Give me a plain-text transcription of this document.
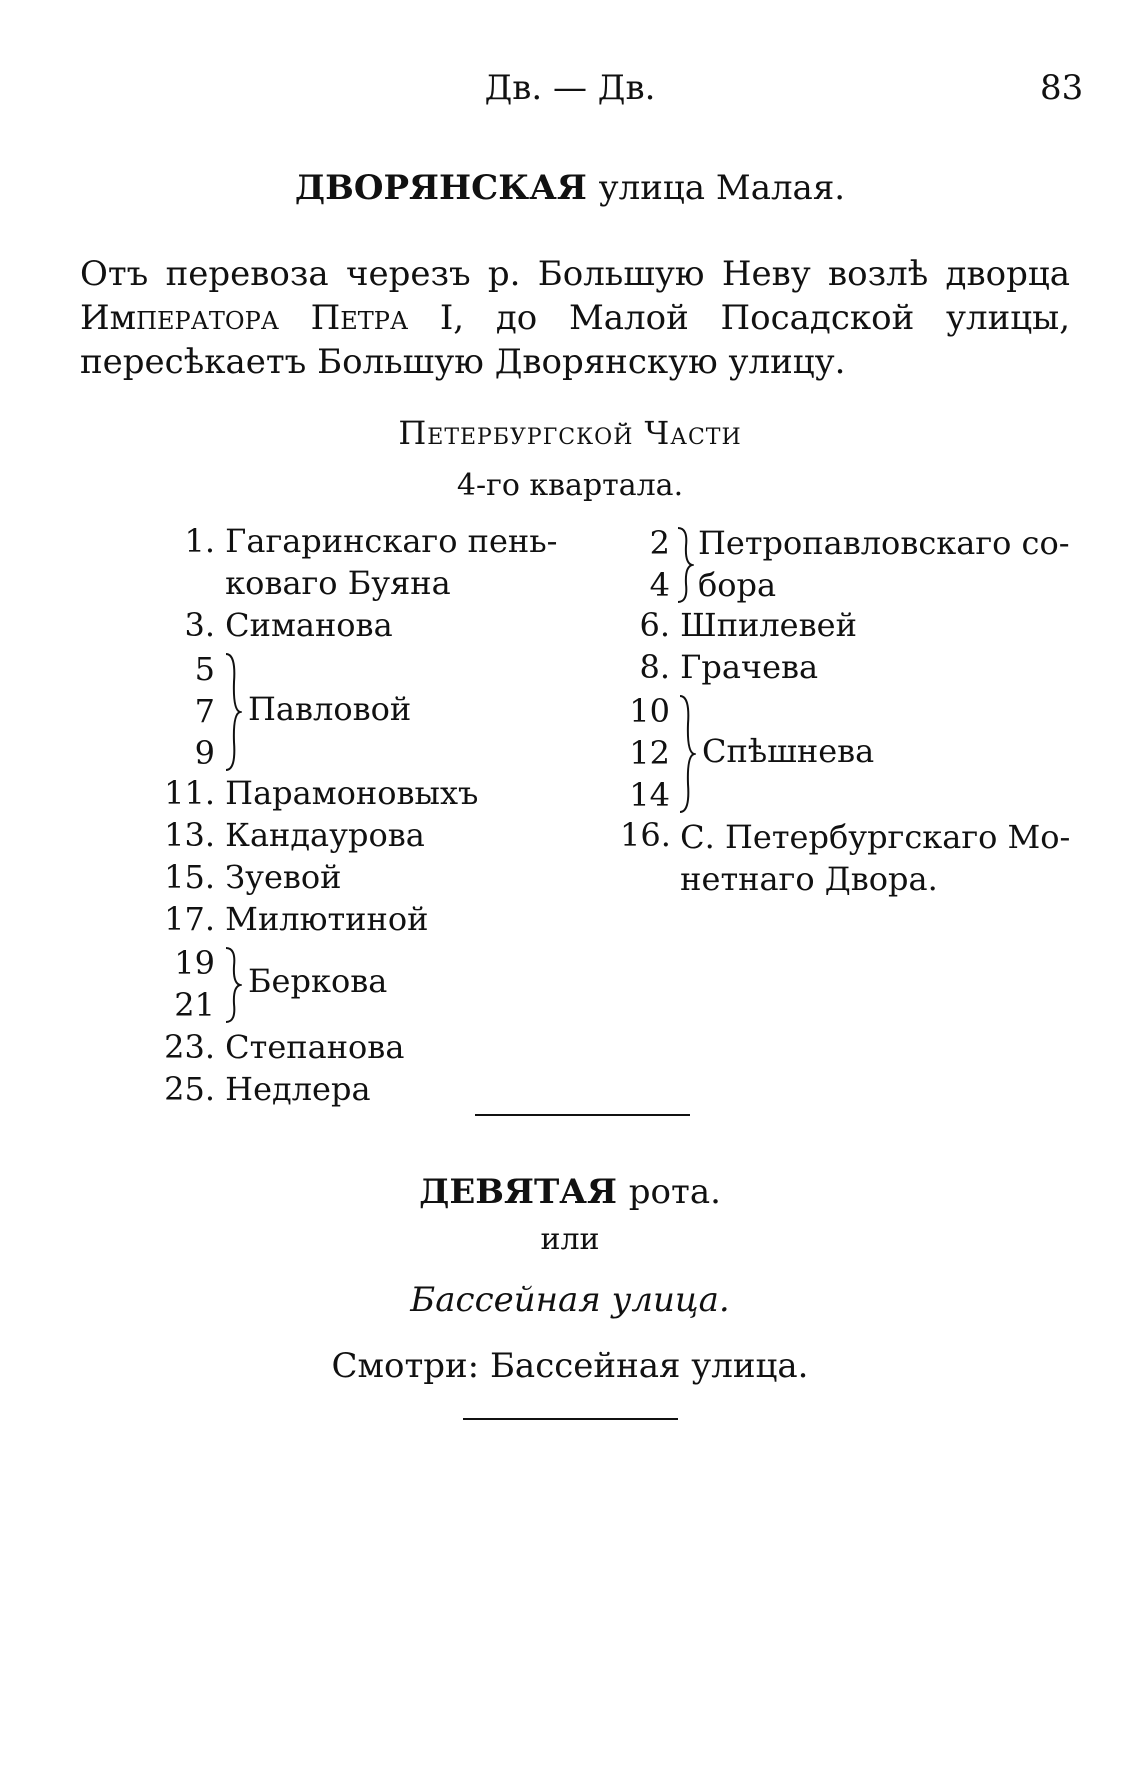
Дв. — Дв.	83
ДВОРЯНСКАЯ улица Малая.
Отъ перевоза черезъ р. Большую Неву возлѣ дворца Императора Петра I, до Малой Посадской улицы, пересѣкаетъ Большую Дворянскую улицу.
Петербургской Части
4-го квартала.
1. Гагаринскаго пень-
коваго Буяна
3. Симанова
5
7
9
Павловой
11. Парамоновыхъ
13. Кандаурова
15. Зуевой
17. Милютиной
19
21
Беркова
23. Степанова
25. Недлера
2
4
Петропавловскаго со-
бора
6. Шпилевей
8. Грачева
10
12
14
Спѣшнева
16. С. Петербургскаго Мо-
нетнаго Двора.
ДЕВЯТАЯ рота.
или
Бассейная улица.
Смотри: Бассейная улица.
